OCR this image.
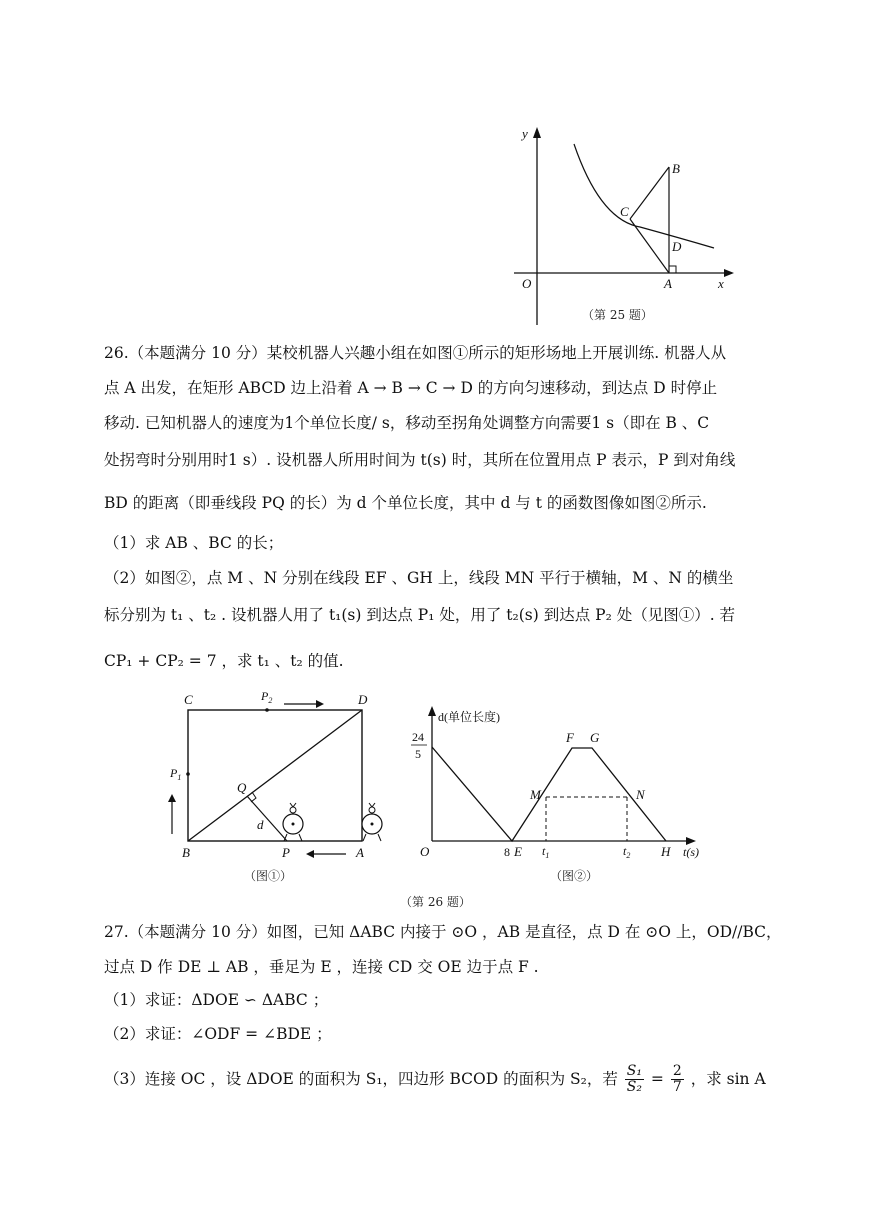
y
x
O	A
B
C
D
（第 25 题）
26.（本题满分 10 分）某校机器人兴趣小组在如图①所示的矩形场地上开展训练. 机器人从
点 A 出发，在矩形 ABCD 边上沿着 A → B → C → D 的方向匀速移动，到达点 D 时停止
移动. 已知机器人的速度为1个单位长度/ s，移动至拐角处调整方向需要1 s（即在 B 、C
处拐弯时分别用时1 s）. 设机器人所用时间为 t(s) 时，其所在位置用点 P 表示，P 到对角线
BD 的距离（即垂线段 PQ 的长）为 d 个单位长度，其中 d 与 t 的函数图像如图②所示.
（1）求 AB 、BC 的长；
（2）如图②，点 M 、N 分别在线段 EF 、GH 上，线段 MN 平行于横轴，M 、N 的横坐
标分别为 t₁ 、t₂ . 设机器人用了 t₁(s) 到达点 P₁ 处，用了 t₂(s) 到达点 P₂ 处（见图①）. 若
CP₁ + CP₂ = 7 ，求 t₁ 、t₂ 的值.
C	D
B	A
P
Q
d
$P_1$
$P_2$
（图①）
d(单位长度)
24
5
O	8 E $t_1$	$t_2$ H t(s)
F G
M	N
（图②）
（第 26 题）
27.（本题满分 10 分）如图，已知 ΔABC 内接于 ⊙O ，AB 是直径，点 D 在 ⊙O 上，OD//BC，
过点 D 作 DE ⊥ AB ，垂足为 E ，连接 CD 交 OE 边于点 F .
（1）求证：ΔDOE ∽ ΔABC ；
（2）求证：∠ODF = ∠BDE ；
（3）连接 OC ，设 ΔDOE 的面积为 S₁，四边形 BCOD 的面积为 S₂，若 $\frac{\text{S₁}}{\text{S₂}} = \frac{2}{7}$ ，求 sin A
